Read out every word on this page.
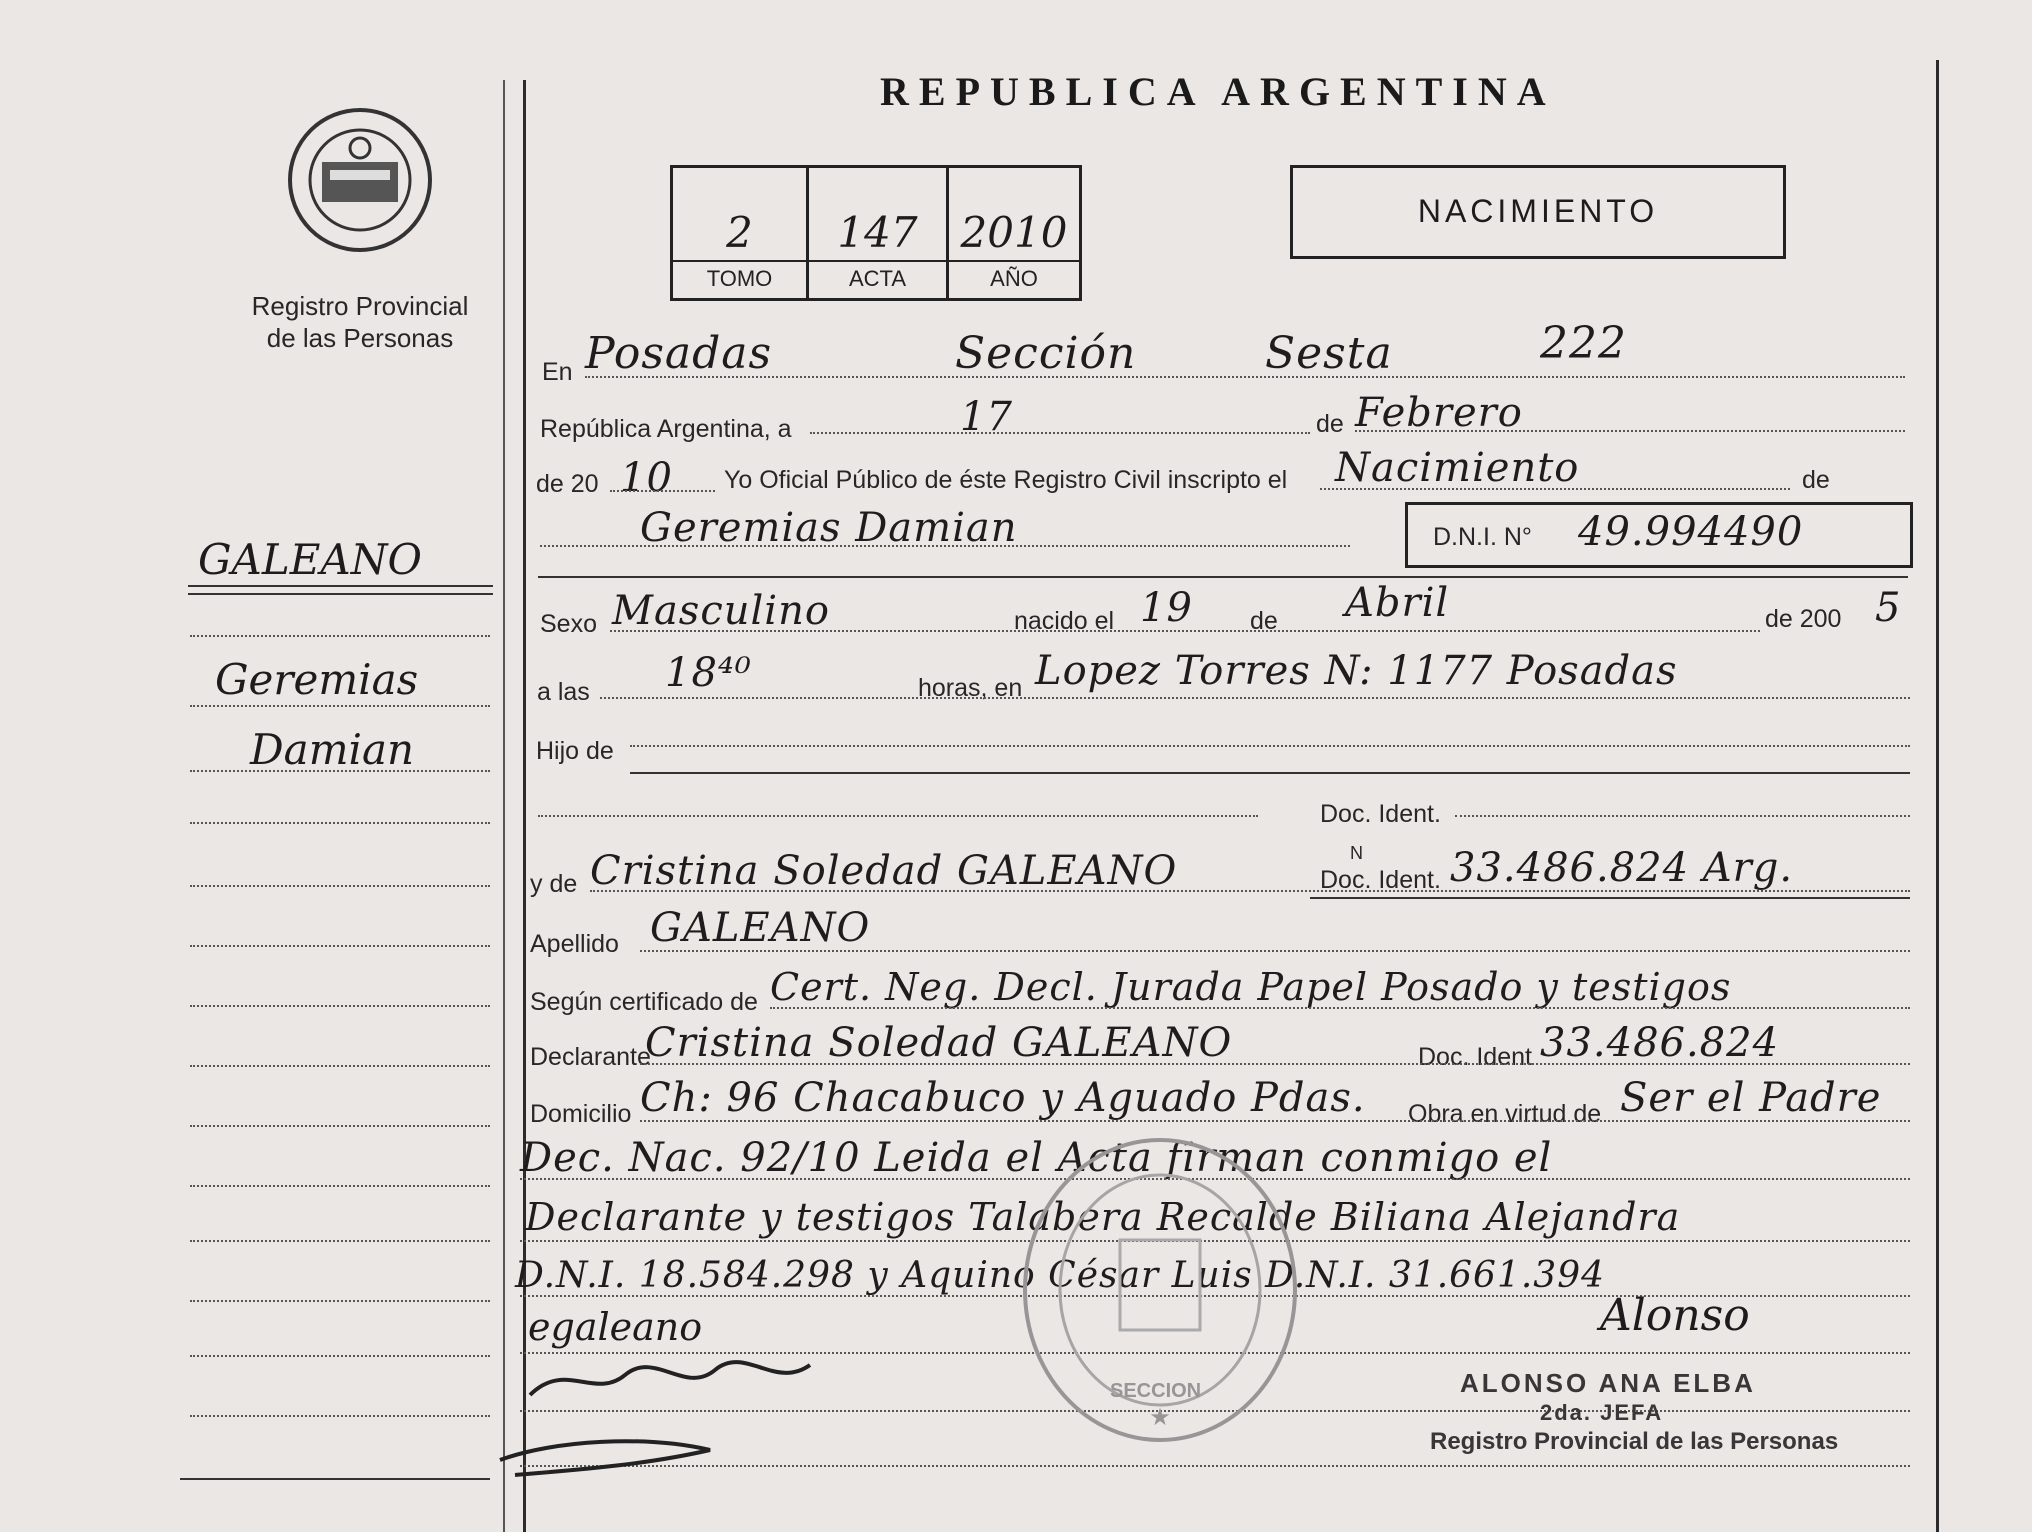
REPUBLICA ARGENTINA
Registro Provincial
de las Personas
2	147	2010
TOMO	ACTA	AÑO
NACIMIENTO
GALEANO
Geremias
Damian
En Posadas	Sección	Sesta	222
República Argentina, a	17	de Febrero
de 20 10 Yo Oficial Público de éste Registro Civil inscripto el Nacimiento	de
Geremias Damian	D.N.I. N° 49.994490
Sexo Masculino	nacido el 19 de Abril	de 200 5
a las 18⁴⁰	horas, en Lopez Torres N: 1177 Posadas
Hijo de
Doc. Ident.
y de Cristina Soledad GALEANO	N
Doc. Ident. 33.486.824 Arg.
Apellido GALEANO
Según certificado de Cert. Neg. Decl. Jurada Papel Posado y testigos
Declarante
Cristina Soledad GALEANO	Doc. Ident 33.486.824
Domicilio Ch: 96 Chacabuco y Aguado Pdas. Obra en virtud de Ser el Padre
Dec. Nac. 92/10 Leida el Acta firman conmigo el
Declarante y testigos Talabera Recalde Biliana Alejandra
D.N.I. 18.584.298 y Aquino César Luis D.N.I. 31.661.394
★
SECCION
egaleano	Alonso
ALONSO ANA ELBA
2da. JEFA
Registro Provincial de las Personas
